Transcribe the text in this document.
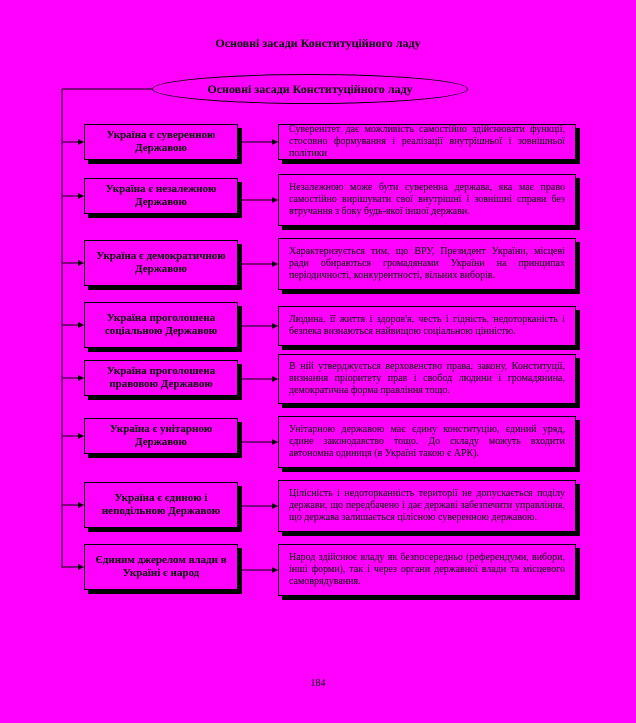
Основні засади Конституційного ладу
Основні засади Конституційного ладу
Україна є суверенною Державою
Суверенітет дає можливість самостійно здійснювати функції, стосовно формування і реалізації внутрішньої і зовнішньої політики
Україна є незалежною Державою
Незалежною може бути суверенна держава, яка має право самостійно вирішувати свої внутрішні і зовнішні справи без втручання з боку будь-якої іншої держави.
Україна є демократичною Державою
Характеризується тим, що ВРУ, Президент України, місцеві ради обираються громадянами України на принципах періодичності, конкурентності, вільних виборів.
Україна проголошена соціальною Державою
Людина, її життя і здоров'я, честь і гідність, недоторканість і безпека визнаються найвищою соціальною цінністю.
Україна проголошена правовою Державою
В ній утверджується верховенство права, закону, Конституції, визнання пріоритету прав і свобод людини і громадянина, демократична форма правління тощо.
Україна є унітарною Державою
Унітарною державою має єдину конституцію, єдиний уряд, єдине законодавство тощо. До складу можуть входити автономна одиниця (в Україні такою є АРК).
Україна є єдиною і неподільною Державою
Цілісність і недоторканність території не допускається поділу держави, що передбачено і дає державі забезпечити управління, що держава залишається цілісною суверенною державою.
Єдиним джерелом влади в Україні є народ
Народ здійснює владу як безпосередньо (референдуми, вибори, інші форми), так і через органи державної влади та місцевого самоврядування.
184
